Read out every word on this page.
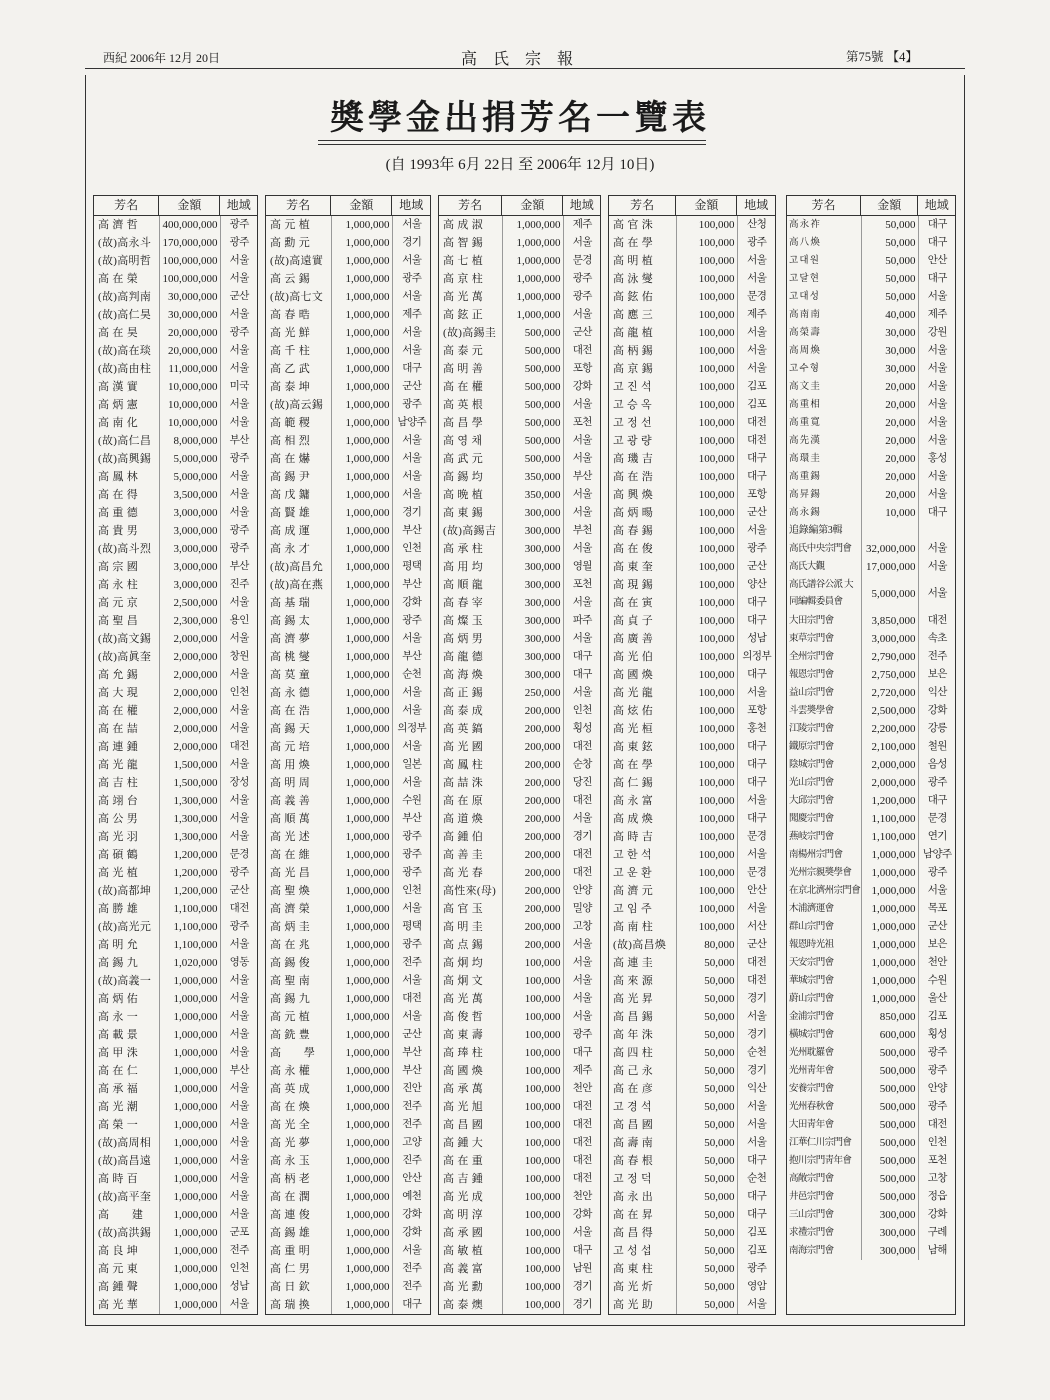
西紀 2006年 12月 20日	高 氏 宗 報	第75號 【4】
奬學金出捐芳名一覽表
(自 1993年 6月 22日 至 2006年 12月 10日)
芳名	金額	地域
高 濟 哲	400,000,000	광주
(故)高永斗	170,000,000	광주
(故)高明哲	100,000,000	서울
高 在 榮	100,000,000	서울
(故)高判南	30,000,000	군산
(故)高仁昊	30,000,000	서울
高 在 昊	20,000,000	광주
(故)高在琰	20,000,000	서울
(故)高由柱	11,000,000	서울
高 漢 實	10,000,000	미국
高 炳 憲	10,000,000	서울
高 南 化	10,000,000	서울
(故)高仁昌	8,000,000	부산
(故)高興錫	5,000,000	광주
高 鳳 林	5,000,000	서울
高 在 得	3,500,000	서울
高 重 德	3,000,000	서울
高 貴 男	3,000,000	광주
(故)高斗烈	3,000,000	광주
高 宗 國	3,000,000	부산
高 永 柱	3,000,000	진주
高 元 京	2,500,000	서울
高 聖 昌	2,300,000	용인
(故)高文錫	2,000,000	서울
(故)高眞奎	2,000,000	창원
高 允 錫	2,000,000	서울
高 大 現	2,000,000	인천
高 在 權	2,000,000	서울
高 在 喆	2,000,000	서울
高 連 鍾	2,000,000	대전
高 光 龍	1,500,000	서울
高 吉 柱	1,500,000	장성
高 翊 台	1,300,000	서울
高 公 男	1,300,000	서울
高 光 羽	1,300,000	서울
高 碩 鶴	1,200,000	문경
高 光 植	1,200,000	광주
(故)高都坤	1,200,000	군산
高 勝 雄	1,100,000	대전
(故)高光元	1,100,000	광주
高 明 允	1,100,000	서울
高 錫 九	1,020,000	영동
(故)高義一	1,000,000	서울
高 炳 佑	1,000,000	서울
高 永 一	1,000,000	서울
高 載 景	1,000,000	서울
高 甲 洙	1,000,000	서울
高 在 仁	1,000,000	부산
高 承 福	1,000,000	서울
高 光 潮	1,000,000	서울
高 榮 一	1,000,000	서울
(故)高周相	1,000,000	서울
(故)高昌遠	1,000,000	서울
高 時 百	1,000,000	서울
(故)高平奎	1,000,000	서울
高　　建	1,000,000	서울
(故)高洪錫	1,000,000	군포
高 良 坤	1,000,000	전주
高 元 東	1,000,000	인천
高 鍾 聲	1,000,000	성남
高 光 華	1,000,000	서울
芳名	金額	地域
高 元 植	1,000,000	서울
高 勳 元	1,000,000	경기
(故)高遠實	1,000,000	서울
高 云 錫	1,000,000	광주
(故)高七文	1,000,000	서울
高 春 晧	1,000,000	제주
高 光 鮮	1,000,000	서울
高 千 柱	1,000,000	서울
高 乙 武	1,000,000	대구
高 泰 坤	1,000,000	군산
(故)高云錫	1,000,000	광주
高 範 稷	1,000,000 남양주
高 相 烈	1,000,000	서울
高 在 爀	1,000,000	서울
高 錫 尹	1,000,000	서울
高 戊 鏞	1,000,000	서울
高 賢 雄	1,000,000	경기
高 成 運	1,000,000	부산
高 永 才	1,000,000	인천
(故)高昌允	1,000,000	평택
(故)高在燕	1,000,000	부산
高 基 瑞	1,000,000	강화
高 錫 太	1,000,000	광주
高 濟 夢	1,000,000	서울
高 桃 燮	1,000,000	부산
高 莫 童	1,000,000	순천
高 永 德	1,000,000	서울
高 在 浩	1,000,000	서울
高 錫 天	1,000,000 의정부
高 元 培	1,000,000	서울
高 用 煥	1,000,000	일본
高 明 周	1,000,000	서울
高 義 善	1,000,000	수원
高 順 萬	1,000,000	부산
高 光 述	1,000,000	광주
高 在 維	1,000,000	광주
高 光 昌	1,000,000	광주
高 聖 煥	1,000,000	인천
高 濟 榮	1,000,000	서울
高 炳 圭	1,000,000	평택
高 在 兆	1,000,000	광주
高 錫 俊	1,000,000	전주
高 聖 南	1,000,000	서울
高 錫 九	1,000,000	대전
高 元 植	1,000,000	서울
高 銑 豊	1,000,000	군산
高　　學	1,000,000	부산
高 永 權	1,000,000	부산
高 英 成	1,000,000	진안
高 在 煥	1,000,000	전주
高 光 全	1,000,000	전주
高 光 夢	1,000,000	고양
高 永 玉	1,000,000	진주
高 柄 老	1,000,000	안산
高 在 潤	1,000,000	예천
高 連 俊	1,000,000	강화
高 錫 雄	1,000,000	강화
高 重 明	1,000,000	서울
高 仁 男	1,000,000	전주
高 日 欽	1,000,000	전주
高 瑞 換	1,000,000	대구
芳名	金額	地域
高 成 淑	1,000,000	제주
高 智 錫	1,000,000	서울
高 七 植	1,000,000	문경
高 京 柱	1,000,000	광주
高 光 萬	1,000,000	광주
高 鉉 正	1,000,000	서울
(故)高錫圭	500,000	군산
高 泰 元	500,000	대전
高 明 善	500,000	포항
高 在 權	500,000	강화
高 英 根	500,000	서울
高 昌 學	500,000	포천
高 영 채	500,000	서울
高 武 元	500,000	서울
高 錫 均	350,000	부산
高 晩 植	350,000	서울
高 東 錫	300,000	서울
(故)高錫吉	300,000	부천
高 承 柱	300,000	서울
高 用 均	300,000	영월
高 順 龍	300,000	포천
高 春 宰	300,000	서울
高 燦 玉	300,000	파주
高 炳 男	300,000	서울
高 龍 德	300,000	대구
高 海 煥	300,000	대구
高 正 錫	250,000	서울
高 泰 成	200,000	인천
高 英 鎬	200,000	횡성
高 光 國	200,000	대전
高 鳳 柱	200,000	순창
高 喆 洙	200,000	당진
高 在 原	200,000	대전
高 道 煥	200,000	서울
高 鍾 伯	200,000	경기
高 善 圭	200,000	대전
高 光 春	200,000	대전
高性來(母)	200,000	안양
高 官 玉	200,000	밀양
高 明 圭	200,000	고창
高 点 錫	200,000	서울
高 炯 均	100,000	서울
高 炯 文	100,000	서울
高 光 萬	100,000	서울
高 俊 哲	100,000	서울
高 東 壽	100,000	광주
高 琫 柱	100,000	대구
高 國 煥	100,000	제주
高 承 萬	100,000	천안
高 光 旭	100,000	대전
高 昌 國	100,000	대전
高 鍾 大	100,000	대전
高 在 重	100,000	대전
高 吉 鍾	100,000	대전
高 光 成	100,000	천안
高 明 淳	100,000	강화
高 承 國	100,000	서울
高 敏 植	100,000	대구
高 義 富	100,000	남원
高 光 勳	100,000	경기
高 泰 燠	100,000	경기
芳名	金額	地域
高 官 洙	100,000	산청
高 在 學	100,000	광주
高 明 植	100,000	서울
高 泳 燮	100,000	서울
高 鉉 佑	100,000	문경
高 應 三	100,000	제주
高 龍 植	100,000	서울
高 柄 錫	100,000	서울
高 京 錫	100,000	서울
고 진 석	100,000	김포
고 승 옥	100,000	김포
고 정 선	100,000	대전
고 광 량	100,000	대전
高 璣 吉	100,000	대구
高 在 浩	100,000	대구
高 興 煥	100,000	포항
高 炳 暘	100,000	군산
高 春 錫	100,000	서울
高 在 俊	100,000	광주
高 東 奎	100,000	군산
高 現 錫	100,000	양산
高 在 寅	100,000	대구
高 貞 子	100,000	대구
高 廣 善	100,000	성남
高 光 伯	100,000 의정부
高 國 煥	100,000	대구
高 光 龍	100,000	서울
高 炫 佑	100,000	포항
高 光 桓	100,000	홍천
高 東 鉉	100,000	대구
高 在 學	100,000	대구
高 仁 錫	100,000	대구
高 永 富	100,000	서울
高 成 煥	100,000	대구
高 時 吉	100,000	문경
고 한 석	100,000	서울
고 운 환	100,000	문경
高 濟 元	100,000	안산
고 임 주	100,000	서울
高 南 柱	100,000	서산
(故)高昌煥	80,000	군산
高 連 圭	50,000	대전
高 來 源	50,000	대전
高 光 昇	50,000	경기
高 昌 錫	50,000	서울
高 年 洙	50,000	경기
高 四 柱	50,000	순천
高 己 永	50,000	경기
高 在 彦	50,000	익산
고 경 석	50,000	서울
高 昌 國	50,000	서울
高 壽 南	50,000	서울
高 春 根	50,000	대구
고 정 덕	50,000	순천
高 永 出	50,000	대구
高 在 昇	50,000	대구
高 昌 得	50,000	김포
고 성 섭	50,000	김포
高 東 柱	50,000	광주
高 光 炘	50,000	영암
高 光 助	50,000	서울
芳名	金額	地域
高 永 祚	50,000	대구
高 八 煥	50,000	대구
고 대 원	50,000	안산
고 달 현	50,000	대구
고 대 성	50,000	서울
高 南 南	40,000	제주
高 榮 壽	30,000	강원
高 周 煥	30,000	서울
고 수 형	30,000	서울
高 文 圭	20,000	서울
高 重 相	20,000	서울
高 重 寬	20,000	서울
高 先 漢	20,000	서울
高 環 圭	20,000	홍성
高 重 錫	20,000	서울
高 昇 錫	20,000	서울
高 永 錫	10,000	대구
追錄編第3輯
高氏中央宗門會	32,000,000	서울
高氏大觀	17,000,000	서울
高氏譜谷公派 大同編輯委員會
5,000,000	서울
大田宗門會	3,850,000	대전
束草宗門會	3,000,000	속초
全州宗門會	2,790,000	전주
報恩宗門會	2,750,000	보은
益山宗門會	2,720,000	익산
斗雲奬學會	2,500,000	강화
江陵宗門會	2,200,000	강릉
鐵原宗門會	2,100,000	철원
陰城宗門會	2,000,000	음성
光山宗門會	2,000,000	광주
大邱宗門會	1,200,000	대구
聞慶宗門會	1,100,000	문경
燕岐宗門會	1,100,000	연기
南楊州宗門會	1,000,000 남양주
光州宗親奬學會	1,000,000	광주
在京北濟州宗門會	1,000,000	서울
木浦濟運會	1,000,000	목포
群山宗門會	1,000,000	군산
報恩時光祖	1,000,000	보은
天安宗門會	1,000,000	천안
華城宗門會	1,000,000	수원
蔚山宗門會	1,000,000	울산
金浦宗門會	850,000	김포
橫城宗門會	600,000	횡성
光州耽羅會	500,000	광주
光州靑年會	500,000	광주
安養宗門會	500,000	안양
光州春秋會	500,000	광주
大田靑年會	500,000	대전
江華仁川宗門會	500,000	인천
抱川宗門靑年會	500,000	포천
高敞宗門會	500,000	고창
井邑宗門會	500,000	정읍
三山宗門會	300,000	강화
求禮宗門會	300,000	구례
南海宗門會	300,000	남해
